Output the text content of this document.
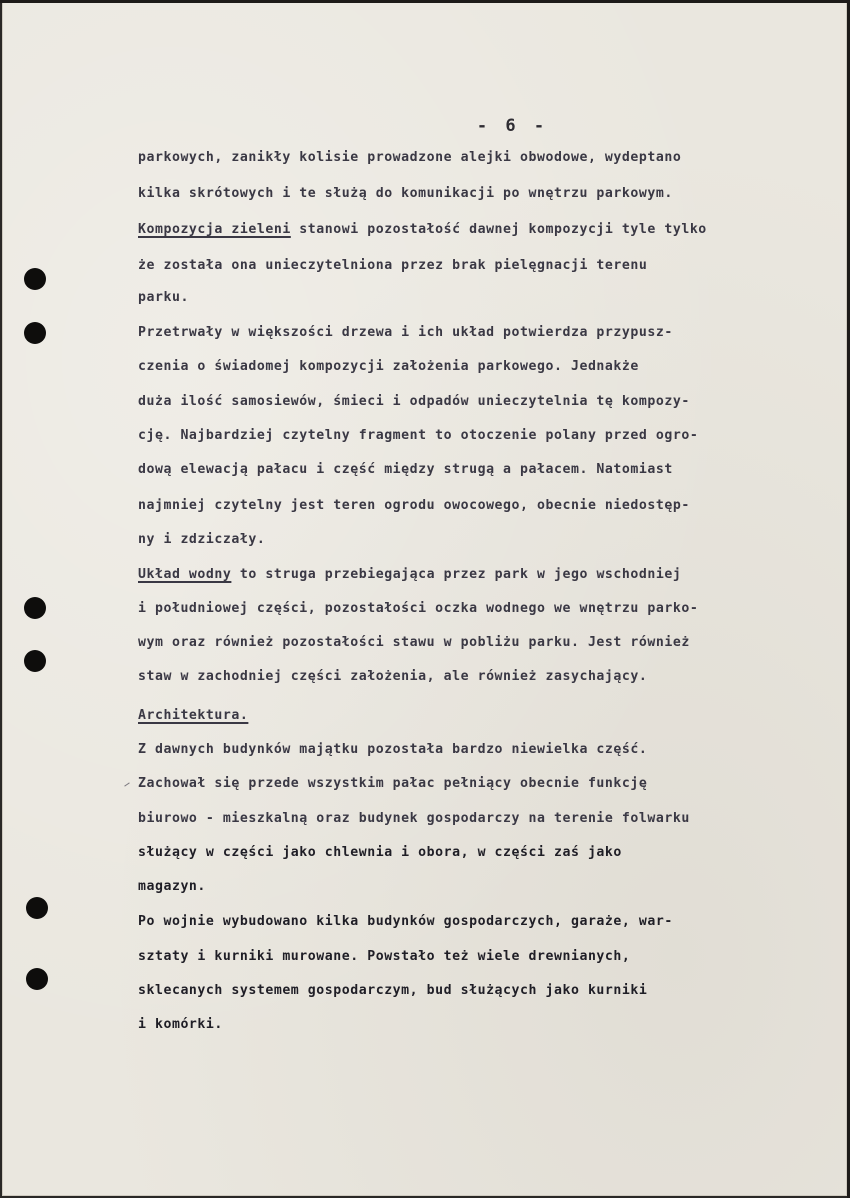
- 6 -
parkowych, zanikły kolisie prowadzone alejki obwodowe, wydeptano
kilka skrótowych i te służą do komunikacji po wnętrzu parkowym.
Kompozycja zieleni stanowi pozostałość dawnej kompozycji tyle tylko
że została ona unieczytelniona przez brak pielęgnacji terenu
parku.
Przetrwały w większości drzewa i ich układ potwierdza przypusz-
czenia o świadomej kompozycji założenia parkowego. Jednakże
duża ilość samosiewów, śmieci i odpadów unieczytelnia tę kompozy-
cję. Najbardziej czytelny fragment to otoczenie polany przed ogro-
dową elewacją pałacu i część między strugą a pałacem. Natomiast
najmniej czytelny jest teren ogrodu owocowego, obecnie niedostęp-
ny i zdziczały.
Układ wodny to struga przebiegająca przez park w jego wschodniej
i południowej części, pozostałości oczka wodnego we wnętrzu parko-
wym oraz również pozostałości stawu w pobliżu parku. Jest również
staw w zachodniej części założenia, ale również zasychający.
Architektura.
Z dawnych budynków majątku pozostała bardzo niewielka część.
Zachował się przede wszystkim pałac pełniący obecnie funkcję
biurowo - mieszkalną oraz budynek gospodarczy na terenie folwarku
służący w części jako chlewnia i obora, w części zaś jako
magazyn.
Po wojnie wybudowano kilka budynków gospodarczych, garaże, war-
sztaty i kurniki murowane. Powstało też wiele drewnianych,
sklecanych systemem gospodarczym, bud służących jako kurniki
i komórki.
